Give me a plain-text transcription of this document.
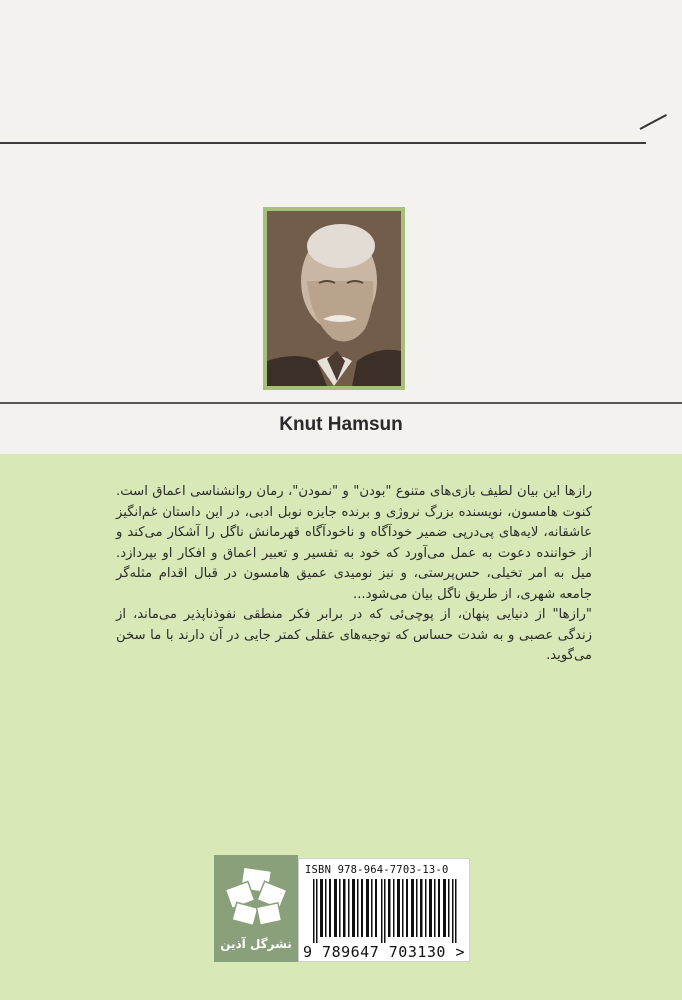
Knut Hamsun

رازها این بیان لطیف بازی‌های متنوع "بودن" و "نمودن"، رمان روانشناسی اعماق است. کنوت هامسون، نویسنده بزرگ نروژی و برنده جایزه نوبل ادبی، در این داستان غم‌انگیز عاشقانه، لایه‌های پی‌درپی ضمیر خودآگاه و ناخودآگاه قهرمانش ناگل را آشکار می‌کند و از خواننده دعوت به عمل می‌آورد که خود به تفسیر و تعبیر اعماق و افکار او بپردازد. میل به امر تخیلی، حس‌پرستی، و نیز نومیدی عمیق هامسون در قبال اقدام مثله‌گر جامعه شهری، از طریق ناگل بیان می‌شود...

"رازها" از دنیایی پنهان، از پوچی‌ئی که در برابر فکر منطقی نفوذناپذیر می‌ماند، از زندگی عصبی و به شدت حساس که توجیه‌های عقلی کمتر جایی در آن دارند با ما سخن می‌گوید.

نشرگل آذین
ISBN 978-964-7703-13-0
9 789647 703130 >
